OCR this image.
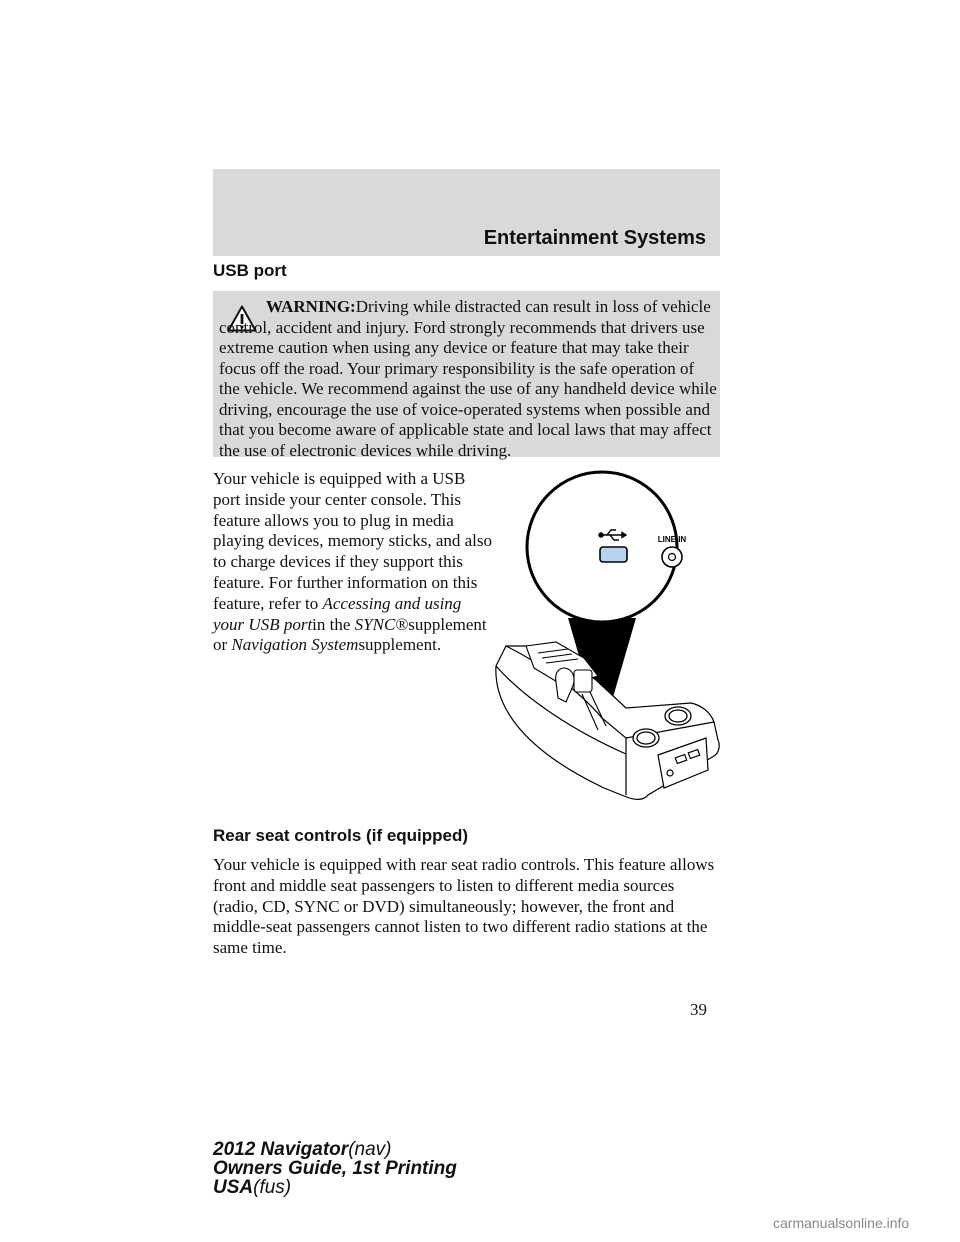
Entertainment Systems
USB port
WARNING:Driving while distracted can result in loss of vehicle control, accident and injury. Ford strongly recommends that drivers use extreme caution when using any device or feature that may take their focus off the road. Your primary responsibility is the safe operation of the vehicle. We recommend against the use of any handheld device while driving, encourage the use of voice-operated systems when possible and that you become aware of applicable state and local laws that may affect the use of electronic devices while driving.
Your vehicle is equipped with a USB port inside your center console. This feature allows you to plug in media playing devices, memory sticks, and also to charge devices if they support this feature. For further information on this feature, refer to Accessing and using your USB portin the SYNC®supplement or Navigation Systemsupplement.
LINE IN
Rear seat controls (if equipped)
Your vehicle is equipped with rear seat radio controls. This feature allows front and middle seat passengers to listen to different media sources (radio, CD, SYNC or DVD) simultaneously; however, the front and middle-seat passengers cannot listen to two different radio stations at the same time.
39
2012 Navigator(nav)
Owners Guide, 1st Printing
USA(fus)
carmanualsonline.info
